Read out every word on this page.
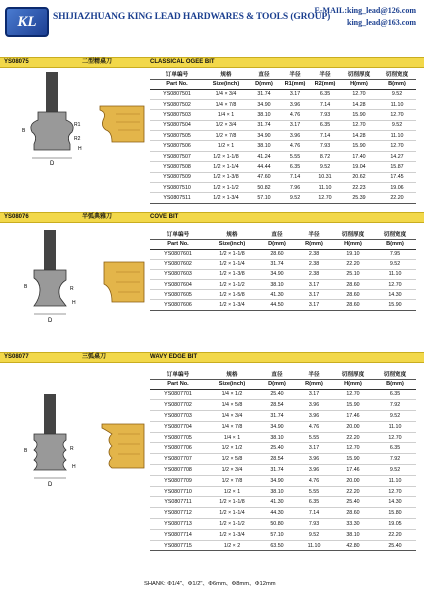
KL	SHIJIAZHUANG KING LEAD HARDWARES & TOOLS (GROUP)
E-MAIL:king_lead@126.com
king_lead@163.com
YS08075	二型精桌刀	CLASSICAL OGEE BIT
D
R1
R2
B
H
订单编号	规格	直径	半径	半径	切削厚度	切削宽度
Part No.	Size(inch)	D(mm)	R1(mm)	R2(mm)	H(mm)	B(mm)
YS0807501	1/4 × 3/4	31.74	3.17	6.35	12.70	9.52
YS0807502	1/4 × 7/8	34.90	3.96	7.14	14.28	11.10
YS0807503	1/4 × 1	38.10	4.76	7.93	15.90	12.70
YS0807504	1/2 × 3/4	31.74	3.17	6.35	12.70	9.52
YS0807505	1/2 × 7/8	34.90	3.96	7.14	14.28	11.10
YS0807506	1/2 × 1	38.10	4.76	7.93	15.90	12.70
YS0807507	1/2 × 1-1/8	41.24	5.55	8.72	17.40	14.27
YS0807508	1/2 × 1-1/4	44.44	6.35	9.52	19.04	15.87
YS0807509	1/2 × 1-3/8	47.60	7.14	10.31	20.62	17.45
YS0807510	1/2 × 1-1/2	50.82	7.96	11.10	22.23	19.06
YS0807511	1/2 × 1-3/4	57.10	9.52	12.70	25.39	22.20
YS08076	半弧典雅刀	COVE BIT
D
R
B
H
订单编号	规格	直径	半径	切削厚度	切削宽度
Part No.	Size(inch)	D(mm)	R(mm)	H(mm)	B(mm)
YS0807601	1/2 × 1-1/8	28.60	2.38	19.10	7.95
YS0807602	1/2 × 1-1/4	31.74	2.38	22.20	9.52
YS0807603	1/2 × 1-3/8	34.90	2.38	25.10	11.10
YS0807604	1/2 × 1-1/2	38.10	3.17	28.60	12.70
YS0807605	1/2 × 1-5/8	41.30	3.17	28.60	14.30
YS0807606	1/2 × 1-3/4	44.50	3.17	28.60	15.90
YS08077	三弧桌刀	WAVY EDGE BIT
D
R
B
H
订单编号	规格	直径	半径	切削厚度	切削宽度
Part No.	Size(inch)	D(mm)	R(mm)	H(mm)	B(mm)
YS0807701	1/4 × 1/2	25.40	3.17	12.70	6.35
YS0807702	1/4 × 5/8	28.54	3.96	15.90	7.92
YS0807703	1/4 × 3/4	31.74	3.96	17.46	9.52
YS0807704	1/4 × 7/8	34.90	4.76	20.00	11.10
YS0807705	1/4 × 1	38.10	5.55	22.20	12.70
YS0807706	1/2 × 1/2	25.40	3.17	12.70	6.35
YS0807707	1/2 × 5/8	28.54	3.96	15.90	7.92
YS0807708	1/2 × 3/4	31.74	3.96	17.46	9.52
YS0807709	1/2 × 7/8	34.90	4.76	20.00	11.10
YS0807710	1/2 × 1	38.10	5.55	22.20	12.70
YS0807711	1/2 × 1-1/8	41.30	6.35	25.40	14.30
YS0807712	1/2 × 1-1/4	44.30	7.14	28.60	15.80
YS0807713	1/2 × 1-1/2	50.80	7.93	33.30	19.05
YS0807714	1/2 × 1-3/4	57.10	9.52	38.10	22.20
YS0807715	1/2 × 2	63.50	11.10	42.80	25.40
SHANK: Φ1/4"、Φ1/2"、Φ6mm、Φ8mm、Φ12mm
